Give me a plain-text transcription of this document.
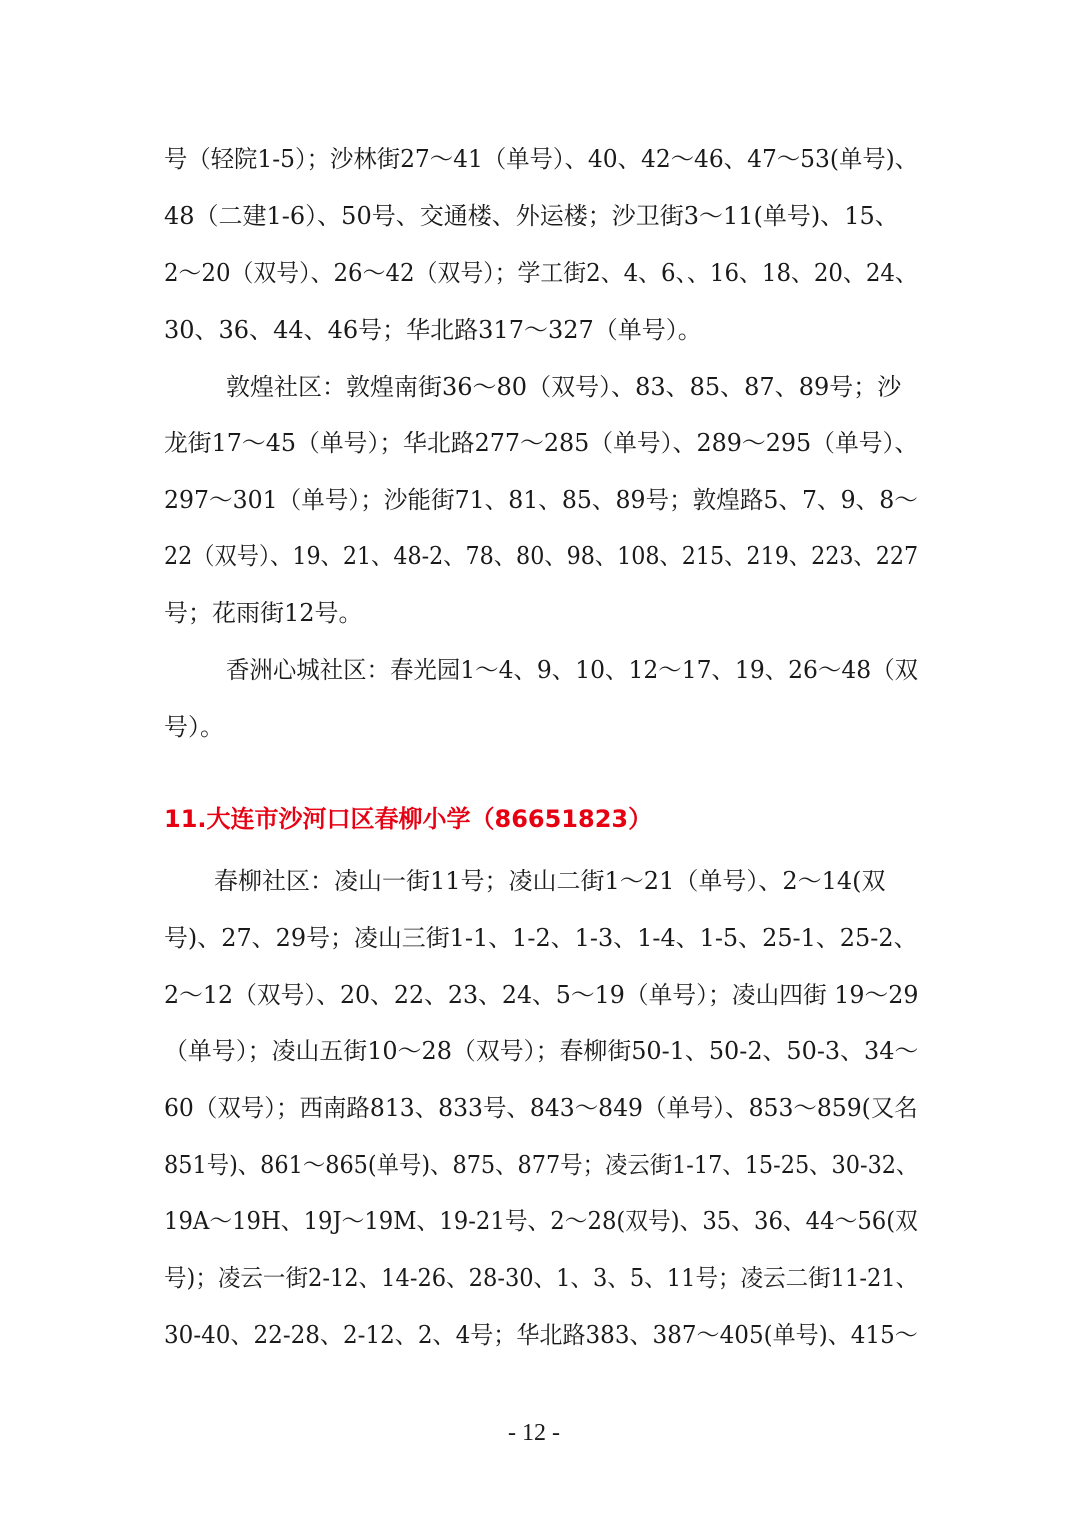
号（轻院1-5）；沙林街27～41（单号）、40、42～46、47～53(单号)、
48（二建1-6）、50号、交通楼、外运楼；沙卫街3～11(单号)、15、
2～20（双号）、26～42（双号）；学工街2、4、6、、16、18、20、24、
30、36、44、46号；华北路317～327（单号）。
敦煌社区：敦煌南街36～80（双号）、83、85、87、89号；沙
龙街17～45（单号）；华北路277～285（单号）、289～295（单号）、
297～301（单号）；沙能街71、81、85、89号；敦煌路5、7、9、8～
22（双号）、19、21、48-2、78、80、98、108、215、219、223、227
号；花雨街12号。
香洲心城社区：春光园1～4、9、10、12～17、19、26～48（双
号）。
11.大连市沙河口区春柳小学（86651823）
春柳社区：凌山一街11号；凌山二街1～21（单号）、2～14(双
号)、27、29号；凌山三街1-1、1-2、1-3、1-4、1-5、25-1、25-2、
2～12（双号）、20、22、23、24、5～19（单号）；凌山四街 19～29
（单号）；凌山五街10～28（双号）；春柳街50-1、50-2、50-3、34～
60（双号）；西南路813、833号、843～849（单号）、853～859(又名
851号)、861～865(单号)、875、877号；凌云街1-17、15-25、30-32、
19A～19H、19J～19M、19-21号、2～28(双号)、35、36、44～56(双
号)；凌云一街2-12、14-26、28-30、1、3、5、11号；凌云二街11-21、
30-40、22-28、2-12、2、4号；华北路383、387～405(单号)、415～
- 12 -
